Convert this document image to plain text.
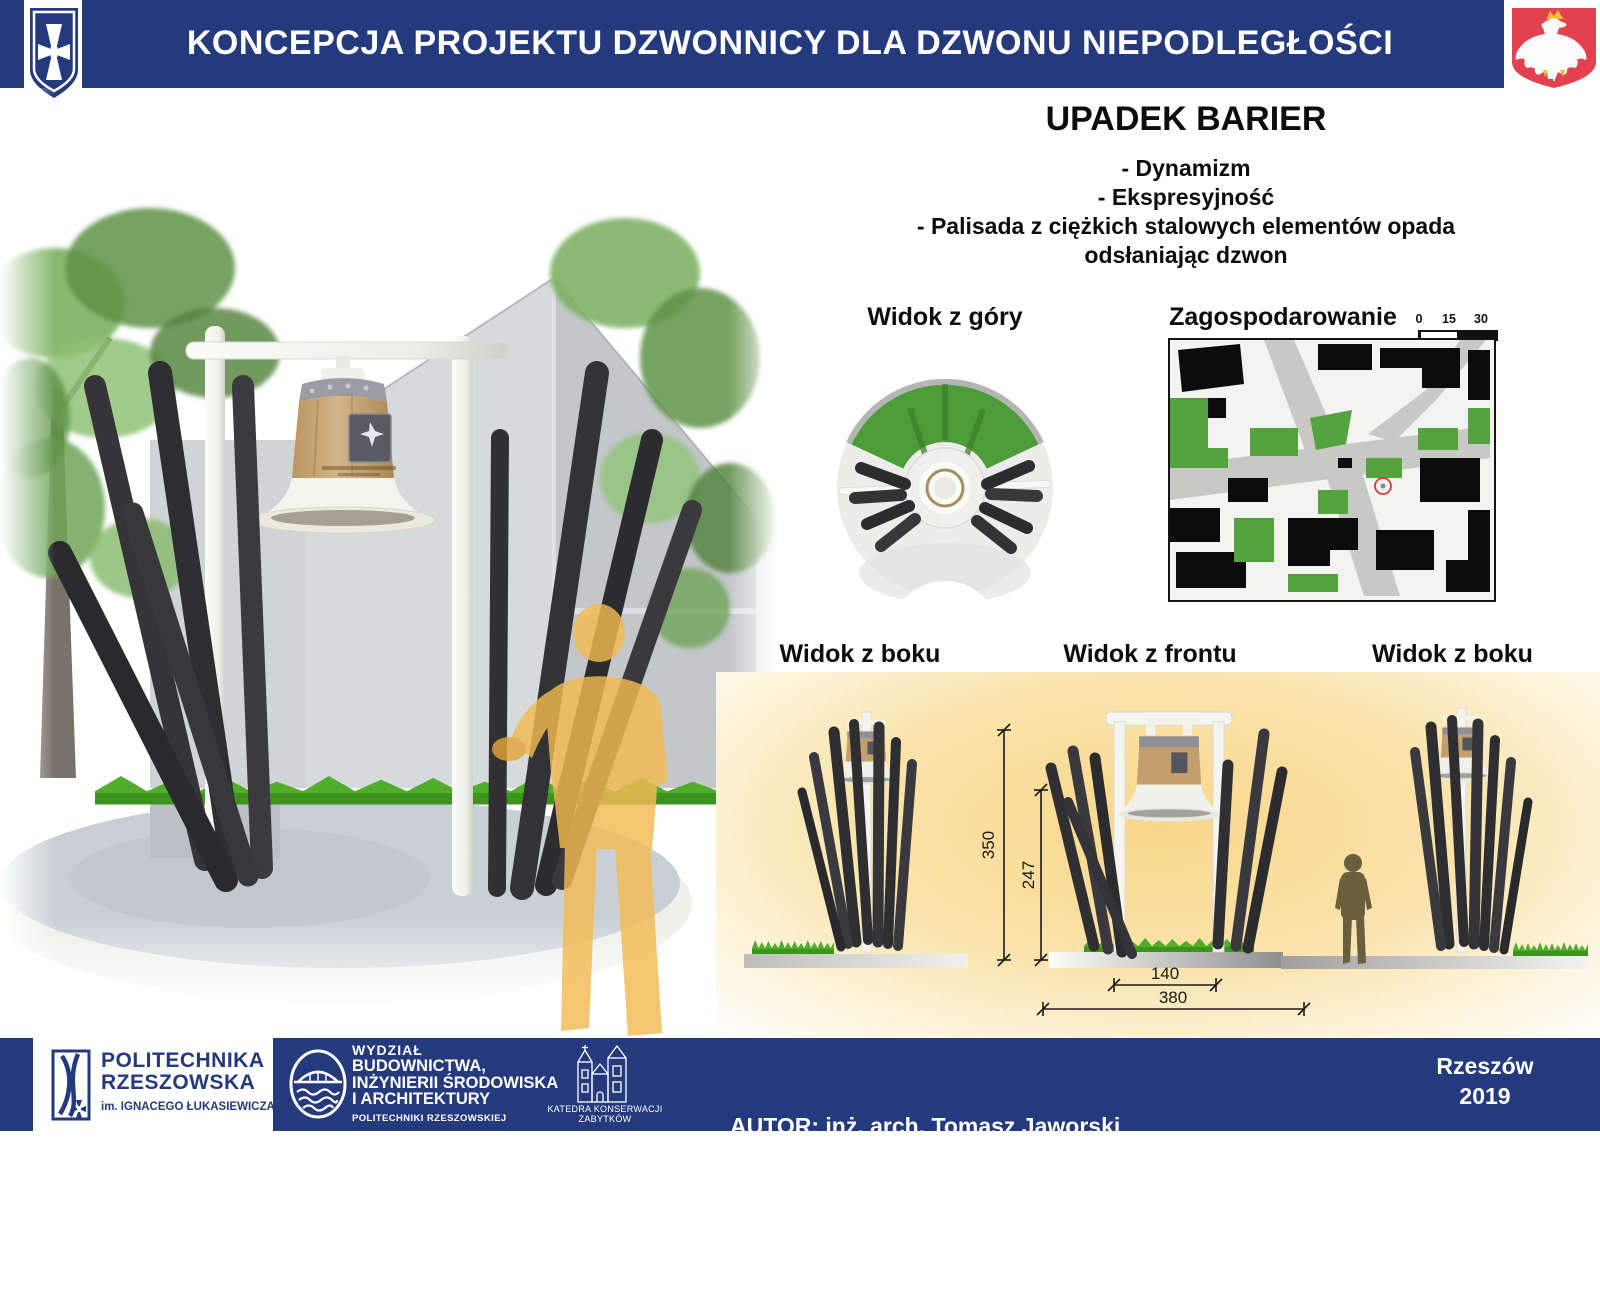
KONCEPCJA PROJEKTU DZWONNICY DLA DZWONU NIEPODLEGŁOŚCI
UPADEK BARIER
- Dynamizm
- Ekspresyjność
- Palisada z ciężkich stalowych elementów opada odsłaniając dzwon
Widok z góry	Zagospodarowanie	0	15	30
Widok z boku	Widok z frontu	Widok z boku
350
247
140
380
POLITECHNIKA
RZESZOWSKA
im. IGNACEGO ŁUKASIEWICZA
WYDZIAŁ
BUDOWNICTWA,
INŻYNIERII ŚRODOWISKA
I ARCHITEKTURY
POLITECHNIKI RZESZOWSKIEJ
KATEDRA KONSERWACJI
ZABYTKÓW

	AUTOR: inż. arch. Tomasz Jaworski

PROMOTOR:  dr hab. inż. Marek Gosztyła prof. PRz

Rzeszów
2019
